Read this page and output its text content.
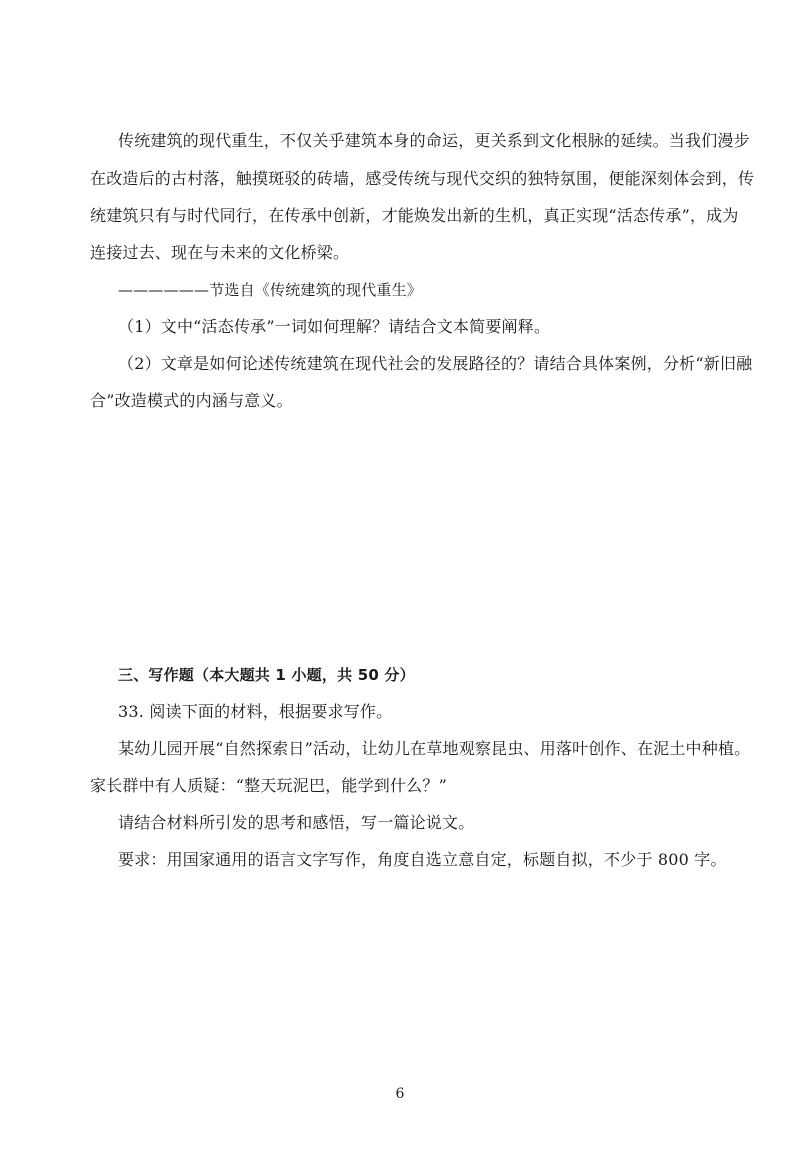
传统建筑的现代重生，不仅关乎建筑本身的命运，更关系到文化根脉的延续。当我们漫步
在改造后的古村落，触摸斑驳的砖墙，感受传统与现代交织的独特氛围，便能深刻体会到，传
统建筑只有与时代同行，在传承中创新，才能焕发出新的生机，真正实现“活态传承”，成为
连接过去、现在与未来的文化桥梁。
——————节选自《传统建筑的现代重生》
（1）文中“活态传承”一词如何理解？请结合文本简要阐释。
（2）文章是如何论述传统建筑在现代社会的发展路径的？请结合具体案例，分析“新旧融
合”改造模式的内涵与意义。
三、写作题（本大题共 1 小题，共 50 分）
33. 阅读下面的材料，根据要求写作。
某幼儿园开展“自然探索日”活动，让幼儿在草地观察昆虫、用落叶创作、在泥土中种植。
家长群中有人质疑：“整天玩泥巴，能学到什么？”
请结合材料所引发的思考和感悟，写一篇论说文。
要求：用国家通用的语言文字写作，角度自选立意自定，标题自拟，不少于 800 字。
6
